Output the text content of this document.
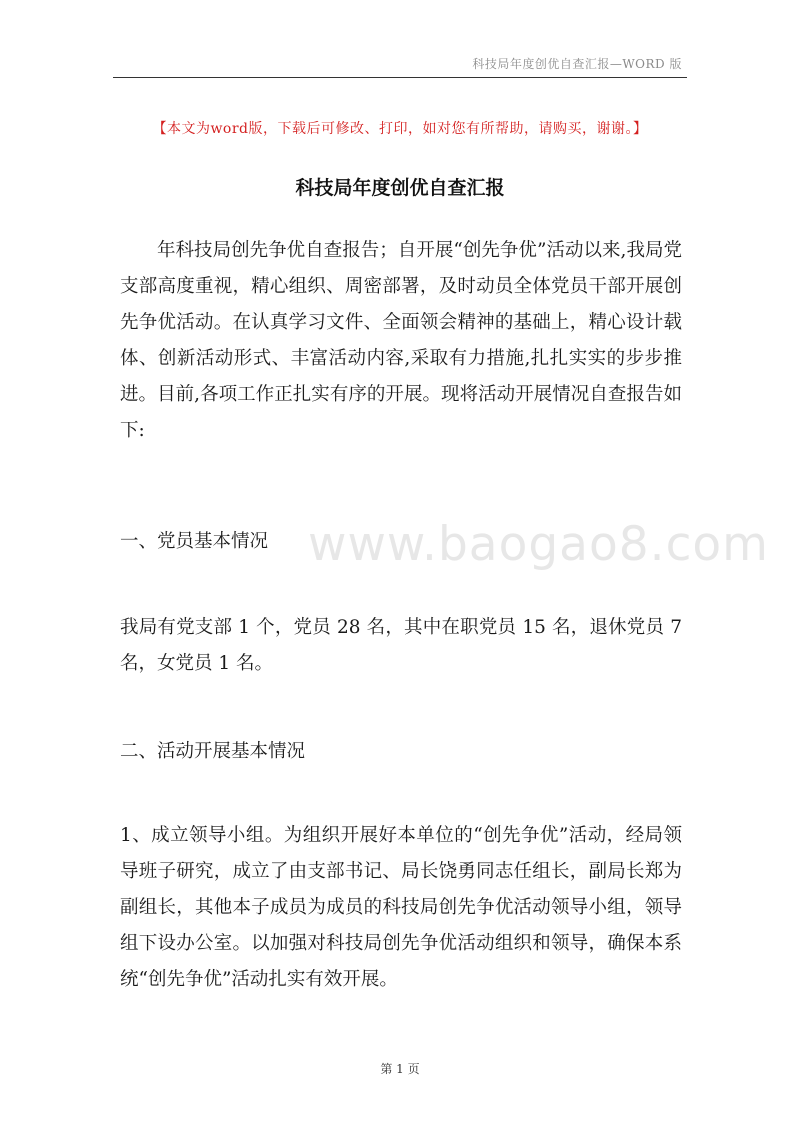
科技局年度创优自查汇报—WORD 版
【本文为word版，下载后可修改、打印，如对您有所帮助，请购买，谢谢。】
www.baogao8.com
科技局年度创优自查汇报
年科技局创先争优自查报告；自开展“创先争优”活动以来,我局党支部高度重视，精心组织、周密部署，及时动员全体党员干部开展创先争优活动。在认真学习文件、全面领会精神的基础上，精心设计载体、创新活动形式、丰富活动内容,采取有力措施,扎扎实实的步步推进。目前,各项工作正扎实有序的开展。现将活动开展情况自查报告如下:
一、党员基本情况
我局有党支部 1 个，党员 28 名，其中在职党员 15 名，退休党员 7 名，女党员 1 名。
二、活动开展基本情况
1、成立领导小组。为组织开展好本单位的“创先争优”活动，经局领导班子研究，成立了由支部书记、局长饶勇同志任组长，副局长郑为副组长，其他本子成员为成员的科技局创先争优活动领导小组，领导组下设办公室。以加强对科技局创先争优活动组织和领导，确保本系统“创先争优”活动扎实有效开展。
第 1 页
